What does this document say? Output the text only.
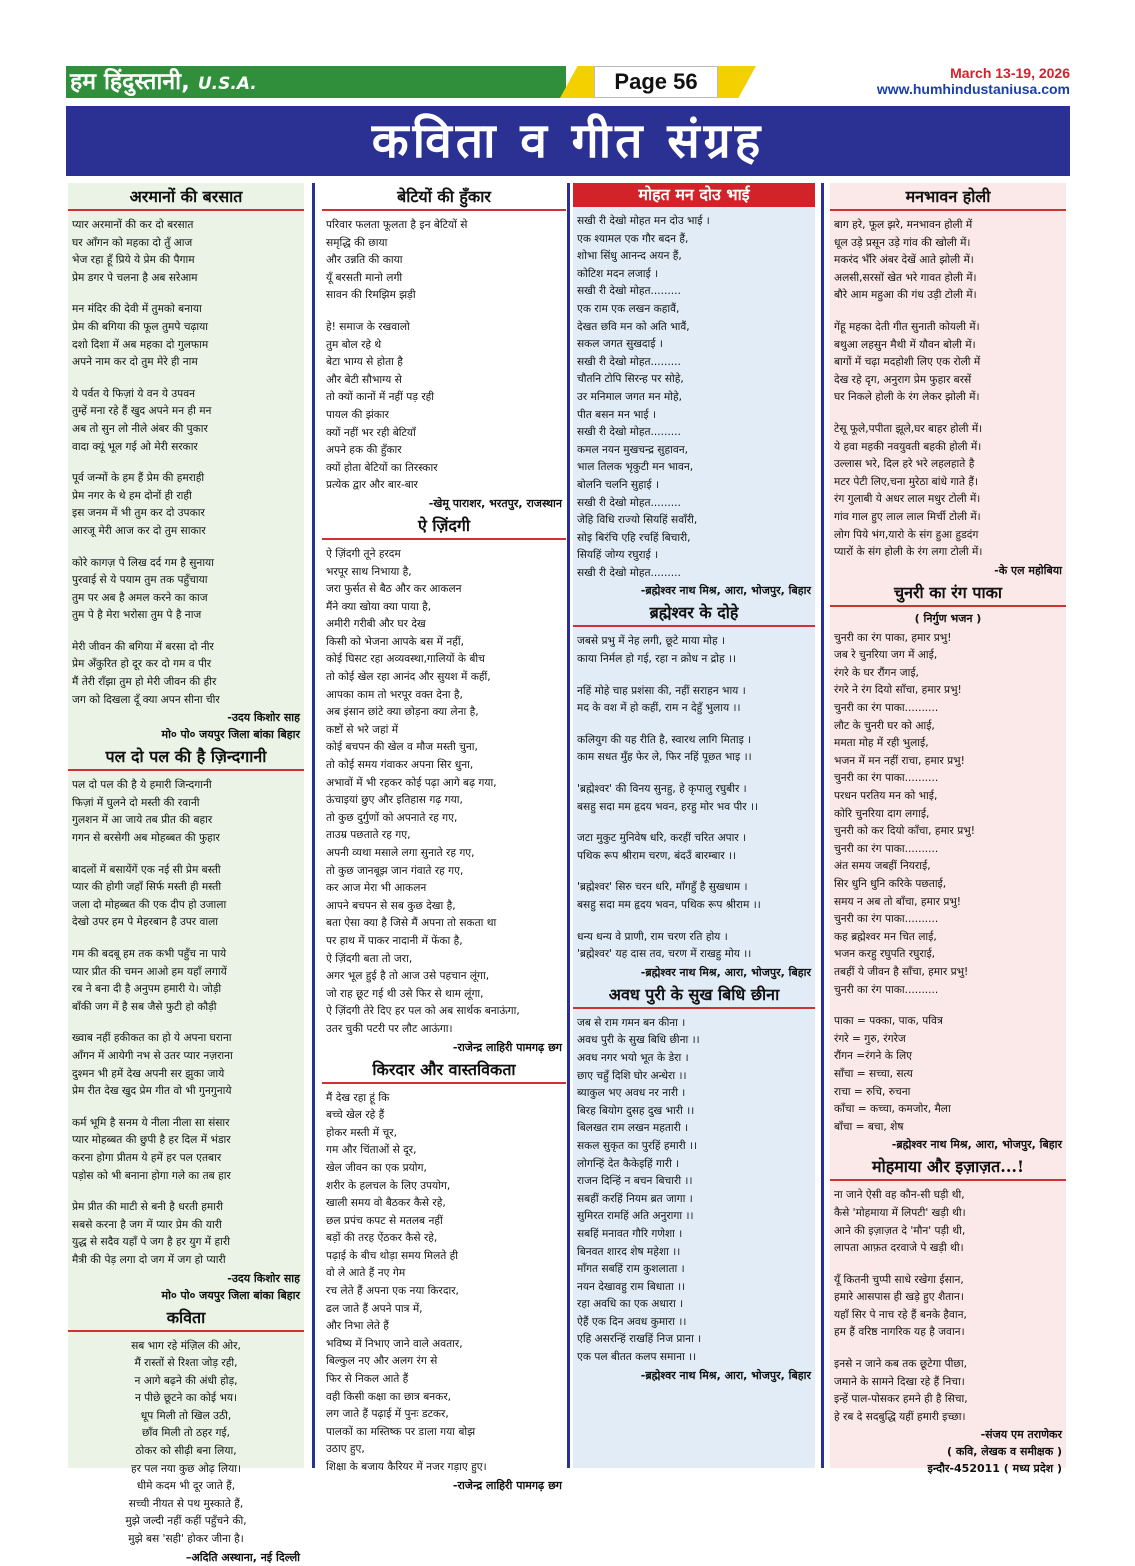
हम हिंदुस्तानी, U.S.A.	Page 56	March 13-19, 2026
www.humhindustaniusa.com
कविता व गीत संग्रह
अरमानों की बरसात
प्यार अरमानों की कर दो बरसात
घर आँगन को महका दो तुँ आज
भेज रहा हूँ प्रिये ये प्रेम की पैगाम
प्रेम डगर पे चलना है अब सरेआम
मन मंदिर की देवी में तुमको बनाया
प्रेम की बगिया की फूल तुमपे चढ़ाया
दशो दिशा में अब महका दो गुलफाम
अपने नाम कर दो तुम मेरे ही नाम
ये पर्वत ये फिज़ां ये वन ये उपवन
तुम्हें मना रहे हैं खुद अपने मन ही मन
अब तो सुन लो नीले अंबर की पुकार
वादा क्यूं भूल गई ओ मेरी सरकार
पूर्व जन्मों के हम हैं प्रेम की हमराही
प्रेम नगर के थे हम दोनों ही राही
इस जनम में भी तुम कर दो उपकार
आरजू मेरी आज कर दो तुम साकार
कोरे कागज़ पे लिख दर्द गम है सुनाया
पुरवाई से ये पयाम तुम तक पहुँचाया
तुम पर अब है अमल करने का काज
तुम पे है मेरा भरोसा तुम पे है नाज
मेरी जीवन की बगिया में बरसा दो नीर
प्रेम अँकुरित हो दूर कर दो गम व पीर
मैं तेरी राँझा तुम हो मेरी जीवन की हीर
जग को दिखला दूँ क्या अपन सीना चीर
-उदय किशोर साह
मो० पो० जयपुर जिला बांका बिहार
पल दो पल की है ज़िन्दगानी
पल दो पल की है ये हमारी जिन्दगानी
फिज़ां में घुलने दो मस्ती की रवानी
गुलशन में आ जाये तब प्रीत की बहार
गगन से बरसेगी अब मोहब्बत की फुहार
बादलों में बसायेंगें एक नई सी प्रेम बस्ती
प्यार की होगी जहाँ सिर्फ मस्ती ही मस्ती
जला दो मोहब्बत की एक दीप हो उजाला
देखो उपर हम पे मेहरबान है उपर वाला
गम की बदबू हम तक कभी पहुँच ना पाये
प्यार प्रीत की चमन आओ हम यहाँ लगायें
रब ने बना दी है अनुपम हमारी ये। जोड़ी
बाँकी जग में है सब जैसे फुटी हो कौड़ी
ख्वाब नहीं हकीकत का हो ये अपना घराना
आँगन में आयेगी नभ से उतर प्यार नज़राना
दुश्मन भी हमें देख अपनी सर झुका जाये
प्रेम रीत देख खुद प्रेम गीत वो भी गुनगुनाये
कर्म भूमि है सनम ये नीला नीला सा संसार
प्यार मोहब्बत की छुपी है हर दिल में भंडार
करना होगा प्रीतम ये हमें हर पल एतबार
पड़ोस को भी बनाना होगा गले का तब हार
प्रेम प्रीत की माटी से बनी है धरती हमारी
सबसे करना है जग में प्यार प्रेम की यारी
युद्ध से सदैव यहाँ पे जग है हर युग में हारी
मैत्री की पेड़ लगा दो जग में जग हो प्यारी
-उदय किशोर साह
मो० पो० जयपुर जिला बांका बिहार
कविता
सब भाग रहे मंज़िल की ओर,
मैं रास्तों से रिश्ता जोड़ रही,
न आगे बढ़ने की अंधी होड़,
न पीछे छूटने का कोई भय।
धूप मिली तो खिल उठी,
छाँव मिली तो ठहर गई,
ठोकर को सीढ़ी बना लिया,
हर पल नया कुछ ओढ़ लिया।
धीमे कदम भी दूर जाते हैं,
सच्ची नीयत से पथ मुस्काते हैं,
मुझे जल्दी नहीं कहीं पहुँचने की,
मुझे बस 'सही' होकर जीना है।
–अदिति अस्थाना, नई दिल्ली
बेटियों की हुँकार
परिवार फलता फूलता है इन बेटियों से
समृद्धि की छाया
और उन्नति की काया
यूँ बरसती मानो लगी
सावन की रिमझिम झड़ी
हे! समाज के रखवालो
तुम बोल रहे थे
बेटा भाग्य से होता है
और बेटी सौभाग्य से
तो क्यों कानों में नहीं पड़ रही
पायल की झंकार
क्यों नहीं भर रही बेटियाँ
अपने हक की हुँकार
क्यों होता बेटियों का तिरस्कार
प्रत्येक द्वार और बार-बार
-खेमू पाराशर, भरतपुर, राजस्थान
ऐ ज़िंदगी
ऐ ज़िंदगी तूने हरदम
भरपूर साथ निभाया है,
जरा फुर्सत से बैठ और कर आकलन
मैंने क्या खोया क्या पाया है,
अमीरी गरीबी और घर देख
किसी को भेजना आपके बस में नहीं,
कोई घिसट रहा अव्यवस्था,गालियों के बीच
तो कोई खेल रहा आनंद और सुयश में कहीं,
आपका काम तो भरपूर वक्त देना है,
अब इंसान छांटे क्या छोड़ना क्या लेना है,
कष्टों से भरे जहां में
कोई बचपन की खेल व मौज मस्ती चुना,
तो कोई समय गंवाकर अपना सिर धुना,
अभावों में भी रहकर कोई पढ़ा आगे बढ़ गया,
ऊंचाइयां छुए और इतिहास गढ़ गया,
तो कुछ दुर्गुणों को अपनाते रह गए,
ताउम्र पछताते रह गए,
अपनी व्यथा मसाले लगा सुनाते रह गए,
तो कुछ जानबूझ जान गंवाते रह गए,
कर आज मेरा भी आकलन
आपने बचपन से सब कुछ देखा है,
बता ऐसा क्या है जिसे मैं अपना तो सकता था
पर हाथ में पाकर नादानी में फेंका है,
ऐ ज़िंदगी बता तो जरा,
अगर भूल हुई है तो आज उसे पहचान लूंगा,
जो राह छूट गई थी उसे फिर से थाम लूंगा,
ऐ ज़िंदगी तेरे दिए हर पल को अब सार्थक बनाऊंगा,
उतर चुकी पटरी पर लौट आऊंगा।
-राजेन्द्र लाहिरी पामगढ़ छग
किरदार और वास्तविकता
मैं देख रहा हूं कि
बच्चे खेल रहे हैं
होकर मस्ती में चूर,
गम और चिंताओं से दूर,
खेल जीवन का एक प्रयोग,
शरीर के हलचल के लिए उपयोग,
खाली समय वो बैठकर कैसे रहे,
छल प्रपंच कपट से मतलब नहीं
बड़ों की तरह ऐंठकर कैसे रहे,
पढ़ाई के बीच थोड़ा समय मिलते ही
वो ले आते हैं नए गेम
रच लेते हैं अपना एक नया किरदार,
ढल जाते हैं अपने पात्र में,
और निभा लेते हैं
भविष्य में निभाए जाने वाले अवतार,
बिल्कुल नए और अलग रंग से
फिर से निकल आते हैं
वही किसी कक्षा का छात्र बनकर,
लग जाते हैं पढ़ाई में पुनः डटकर,
पालकों का मस्तिष्क पर डाला गया बोझ
उठाए हुए,
शिक्षा के बजाय कैरियर में नजर गड़ाए हुए।
-राजेन्द्र लाहिरी पामगढ़ छग
मोहत मन दोउ भाई
सखी री देखो मोहत मन दोउ भाई ।
एक श्यामल एक गौर बदन हैं,
शोभा सिंधु आनन्द अयन हैं,
कोटिश मदन लजाई ।
सखी री देखो मोहत.........
एक राम एक लखन कहावैं,
देखत छवि मन को अति भावैं,
सकल जगत सुखदाई ।
सखी री देखो मोहत.........
चौतनि टोपि सिरन्ह पर सोहे,
उर मनिमाल जगत मन मोहे,
पीत बसन मन भाई ।
सखी री देखो मोहत.........
कमल नयन मुखचन्द्र सुहावन,
भाल तिलक भृकुटी मन भावन,
बोलनि चलनि सुहाई ।
सखी री देखो मोहत.........
जेहि विधि राज्यो सियहिं सवाँरी,
सोइ बिरंचि एहि रचहिं बिचारी,
सियहिं जोग्य रघुराई ।
सखी री देखो मोहत.........
-ब्रह्मेश्वर नाथ मिश्र, आरा, भोजपुर, बिहार
ब्रह्मेश्वर के दोहे
जबसे प्रभु में नेह लगी, छूटे माया मोह ।
काया निर्मल हो गई, रहा न क्रोध न द्रोह ।।
नहिं मोहे चाह प्रशंसा की, नहीं सराहन भाय ।
मद के वश में हो कहीं, राम न देहुँ भुलाय ।।
कलियुग की यह रीति है, स्वारथ लागि मिताइ ।
काम सधत मुँह फेर ले, फिर नहिं पूछत भाइ ।।
'ब्रह्मेश्वर' की विनय सुनहु, हे कृपालु रघुबीर ।
बसहु सदा मम हृदय भवन, हरहु मोर भव पीर ।।
जटा मुकुट मुनिवेष धरि, करहीं चरित अपार ।
पथिक रूप श्रीराम चरण, बंदउँ बारम्बार ।।
'ब्रह्मेश्वर' सिरु चरन धरि, माँगहुँ है सुखधाम ।
बसहु सदा मम हृदय भवन, पथिक रूप श्रीराम ।।
धन्य धन्य वे प्राणी, राम चरण रति होय ।
'ब्रह्मेश्वर' यह दास तव, चरण में राखहु मोय ।।
-ब्रह्मेश्वर नाथ मिश्र, आरा, भोजपुर, बिहार
अवध पुरी के सुख बिधि छीना
जब से राम गमन बन कीना ।
अवध पुरी के सुख बिधि छीना ।।
अवध नगर भयो भूत के डेरा ।
छाए चहुँ दिशि घोर अन्धेरा ।।
ब्याकुल भए अवध नर नारी ।
बिरह बियोग दुसह दुख भारी ।।
बिलखत राम लखन महतारी ।
सकल सुकृत का पुरहिं हमारी ।।
लोगन्हिं देत कैकेइहिं गारी ।
राजन दिन्हिं न बचन बिचारी ।।
सबहीं करहिं नियम ब्रत जागा ।
सुमिरत रामहिं अति अनुरागा ।।
सबहिं मनावत गौरि गणेशा ।
बिनवत शारद शेष महेशा ।।
माँगत सबहिं राम कुशलाता ।
नयन देखावहु राम बिधाता ।।
रहा अवधि का एक अधारा ।
ऐहैं एक दिन अवध कुमारा ।।
एहि असरन्हिं राखहिं निज प्राना ।
एक पल बीतत कलप समाना ।।
-ब्रह्मेश्वर नाथ मिश्र, आरा, भोजपुर, बिहार
मनभावन होली
बाग हरे, फूल झरे, मनभावन होली में
धूल उड़े प्रसून उड़े गांव की खोली में।
मकरंद भँरि अंबर देखें आते झोली में।
अलसी,सरसों खेत भरे गावत होली में।
बौरे आम महुआ की गंध उड़ी टोली में।
गेंहू महका देती गीत सुनाती कोयली में।
बथुआ लहसुन मैथी में यौवन बोली में।
बागों में चढ़ा मदहोशी लिए एक रोली में
देख रहे दृग, अनुराग प्रेम फुहार बरसें
घर निकले होली के रंग लेकर झोली में।
टेसू फूले,पपीता झूले,घर बाहर होली में।
ये हवा महकी नवयुवती बहकी होली में।
उल्लास भरे, दिल हरे भरे लहलहाते है
मटर पेटी लिए,चना मुरेठा बांधे गाते हैं।
रंग गुलाबी ये अधर लाल मधुर टोली में।
गांव गाल हुए लाल लाल मिर्ची टोली में।
लोग पिये भंग,यारो के संग हुआ हुडदंग
प्यारों के संग होली के रंग लगा टोली में।
-के एल महोबिया
चुनरी का रंग पाका
( निर्गुण भजन )
चुनरी का रंग पाका, हमार प्रभु!
जब रे चुनरिया जग में आई,
रंगरे के घर रौंगन जाई,
रंगरे ने रंग दियो साँचा, हमार प्रभु!
चुनरी का रंग पाका..........
लौट के चुनरी घर को आई,
ममता मोह में रही भुलाई,
भजन में मन नहीं राचा, हमार प्रभु!
चुनरी का रंग पाका..........
परधन परतिय मन को भाई,
कोरि चुनरिया दाग लगाई,
चुनरी को कर दियो काँचा, हमार प्रभु!
चुनरी का रंग पाका..........
अंत समय जबहीं नियराई,
सिर धुनि धुनि करिके पछताई,
समय न अब तो बाँचा, हमार प्रभु!
चुनरी का रंग पाका..........
कह ब्रह्मेश्वर मन चित लाई,
भजन करहु रघुपति रघुराई,
तबहीं ये जीवन है साँचा, हमार प्रभु!
चुनरी का रंग पाका..........
पाका = पक्का, पाक, पवित्र
रंगरे = गुरु, रंगरेज
रौंगन =रंगने के लिए
साँचा = सच्चा, सत्य
राचा = रुचि, रुचना
काँचा = कच्चा, कमजोर, मैला
बाँचा = बचा, शेष
-ब्रह्मेश्वर नाथ मिश्र, आरा, भोजपुर, बिहार
मोहमाया और इज़ाज़त...!
ना जाने ऐसी वह कौन-सी घड़ी थी,
कैसे 'मोहमाया में लिपटी' खड़ी थी।
आने की इज़ाज़त दे 'मौन' पड़ी थी,
लापता आफ़त दरवाजे पे खड़ी थी।
यूँ कितनी चुप्पी साधे रखेगा ईसान,
हमारे आसपास ही खड़े हुए शैतान।
यहाँ सिर पे नाच रहे हैं बनके हैवान,
हम हैं वरिष्ठ नागरिक यह है जवान।
इनसे न जाने कब तक छूटेगा पीछा,
जमाने के सामने दिखा रहे हैं निचा।
इन्हें पाल-पोसकर हमने ही है सिचा,
हे रब दे सदबुद्धि यहीं हमारी इच्छा।
-संजय एम तराणेकर
( कवि, लेखक व समीक्षक )
इन्दौर-452011 ( मध्य प्रदेश )
